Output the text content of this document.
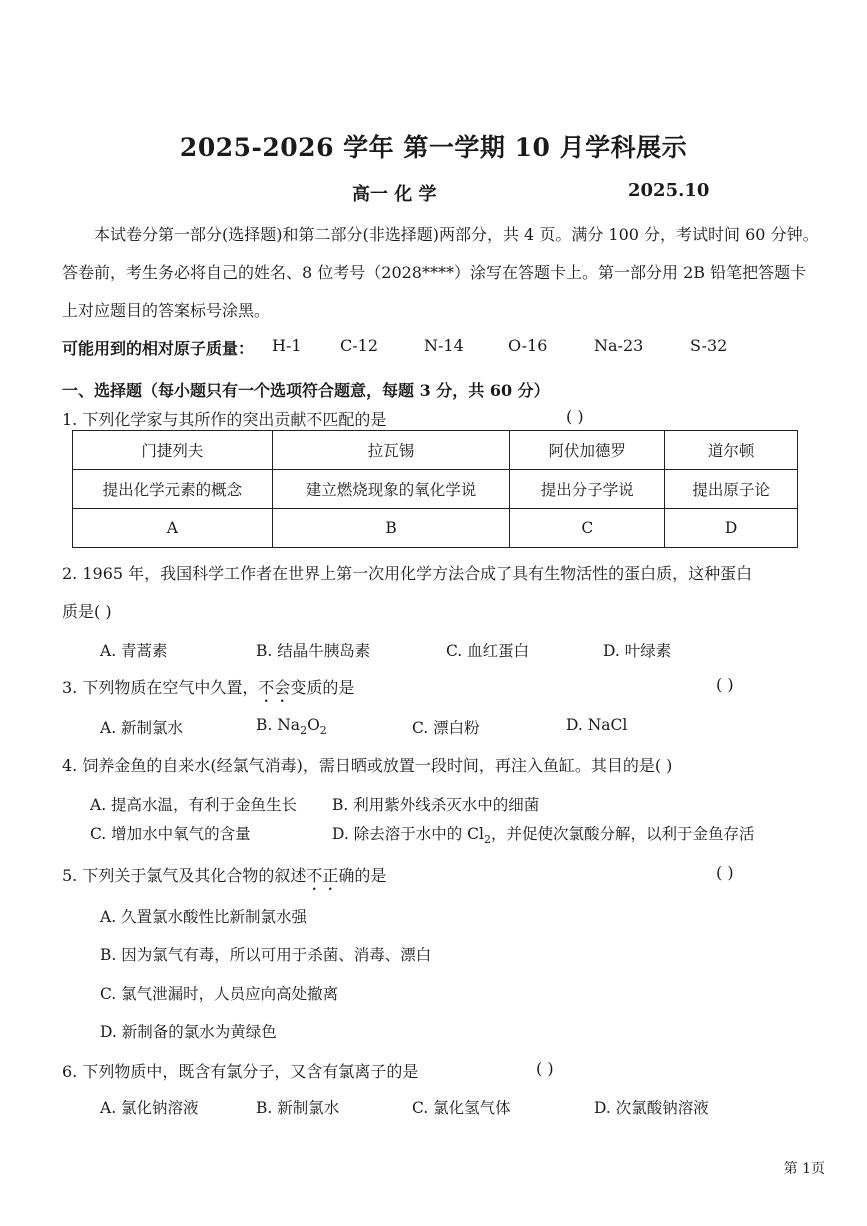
2025-2026 学年 第一学期 10 月学科展示
高一 化 学	2025.10
本试卷分第一部分(选择题)和第二部分(非选择题)两部分，共 4 页。满分 100 分，考试时间 60 分钟。答卷前，考生务必将自己的姓名、8 位考号（2028****）涂写在答题卡上。第一部分用 2B 铅笔把答题卡上对应题目的答案标号涂黑。
可能用到的相对原子质量： H-1 C-12	N-14	O-16	Na-23	S-32
一、选择题（每小题只有一个选项符合题意，每题 3 分，共 60 分）
1. 下列化学家与其所作的突出贡献不匹配的是	( )
门捷列夫	拉瓦锡	阿伏加德罗	道尔顿
提出化学元素的概念	建立燃烧现象的氧化学说	提出分子学说	提出原子论
A	B	C	D
2. 1965 年，我国科学工作者在世界上第一次用化学方法合成了具有生物活性的蛋白质，这种蛋白
质是( )
A. 青蒿素	B. 结晶牛胰岛素	C. 血红蛋白	D. 叶绿素
3. 下列物质在空气中久置，不会变质的是	( )
A. 新制氯水	B. $Na_2O_2$	C. 漂白粉	D. NaCl
4. 饲养金鱼的自来水(经氯气消毒)，需日晒或放置一段时间，再注入鱼缸。其目的是( )
A. 提高水温，有利于金鱼生长 B. 利用紫外线杀灭水中的细菌
C. 增加水中氧气的含量	D. 除去溶于水中的 $Cl_2$，并促使次氯酸分解，以利于金鱼存活
5. 下列关于氯气及其化合物的叙述不正确的是	( )
A. 久置氯水酸性比新制氯水强
B. 因为氯气有毒，所以可用于杀菌、消毒、漂白
C. 氯气泄漏时，人员应向高处撤离
D. 新制备的氯水为黄绿色
6. 下列物质中，既含有氯分子，又含有氯离子的是	( )
A. 氯化钠溶液	B. 新制氯水	C. 氯化氢气体	D. 次氯酸钠溶液
第 1页
